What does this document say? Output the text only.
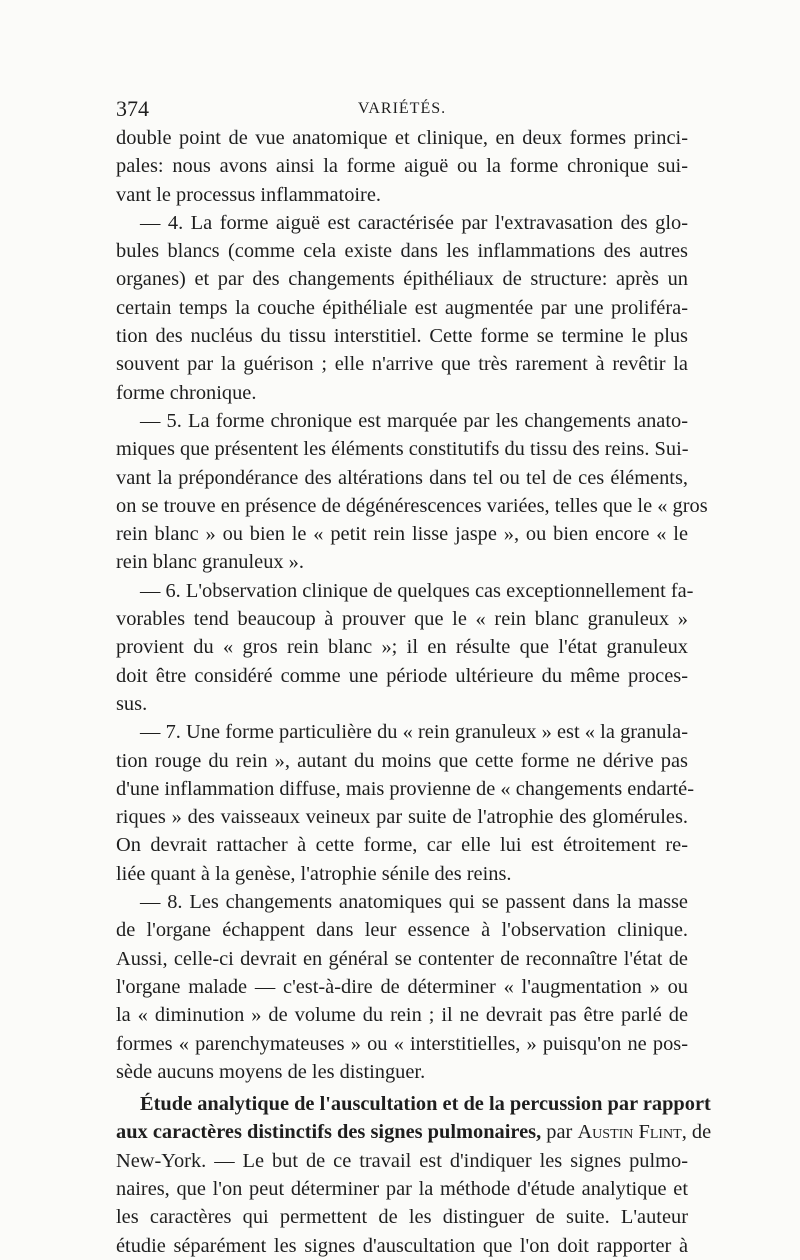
374	VARIÉTÉS.

double point de vue anatomique et clinique, en deux formes princi-
pales: nous avons ainsi la forme aiguë ou la forme chronique sui-
vant le processus inflammatoire.

— 4. La forme aiguë est caractérisée par l'extravasation des glo-
bules blancs (comme cela existe dans les inflammations des autres
organes) et par des changements épithéliaux de structure: après un
certain temps la couche épithéliale est augmentée par une proliféra-
tion des nucléus du tissu interstitiel. Cette forme se termine le plus
souvent par la guérison ; elle n'arrive que très rarement à revêtir la
forme chronique.

— 5. La forme chronique est marquée par les changements anato-
miques que présentent les éléments constitutifs du tissu des reins. Sui-
vant la prépondérance des altérations dans tel ou tel de ces éléments,
on se trouve en présence de dégénérescences variées, telles que le « gros
rein blanc » ou bien le « petit rein lisse jaspe », ou bien encore « le
rein blanc granuleux ».

— 6. L'observation clinique de quelques cas exceptionnellement fa-
vorables tend beaucoup à prouver que le « rein blanc granuleux »
provient du « gros rein blanc »; il en résulte que l'état granuleux
doit être considéré comme une période ultérieure du même proces-
sus.

— 7. Une forme particulière du « rein granuleux » est « la granula-
tion rouge du rein », autant du moins que cette forme ne dérive pas
d'une inflammation diffuse, mais provienne de « changements endarté-
riques » des vaisseaux veineux par suite de l'atrophie des glomérules.
On devrait rattacher à cette forme, car elle lui est étroitement re-
liée quant à la genèse, l'atrophie sénile des reins.

— 8. Les changements anatomiques qui se passent dans la masse
de l'organe échappent dans leur essence à l'observation clinique.
Aussi, celle-ci devrait en général se contenter de reconnaître l'état de
l'organe malade — c'est-à-dire de déterminer « l'augmentation » ou
la « diminution » de volume du rein ; il ne devrait pas être parlé de
formes « parenchymateuses » ou « interstitielles, » puisqu'on ne pos-
sède aucuns moyens de les distinguer.

Étude analytique de l'auscultation et de la percussion par rapport
aux caractères distinctifs des signes pulmonaires, par Austin Flint, de
New-York. — Le but de ce travail est d'indiquer les signes pulmo-
naires, que l'on peut déterminer par la méthode d'étude analytique et
les caractères qui permettent de les distinguer de suite. L'auteur
étudie séparément les signes d'auscultation que l'on doit rapporter à
